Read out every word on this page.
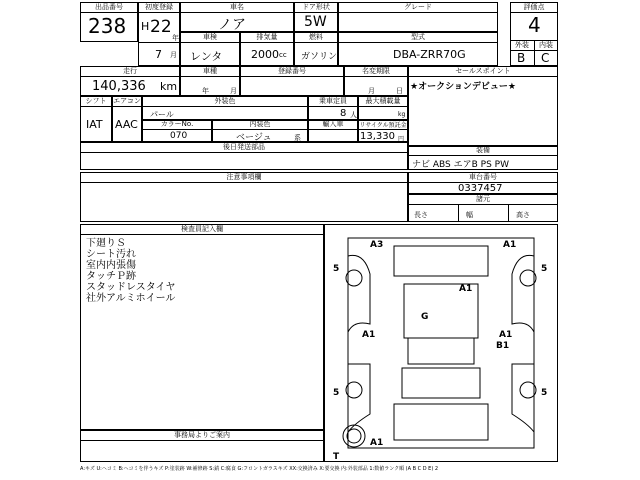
出品番号
238
初度登録
H 22
年
7 月
車名
ノア
ドア形状
5W
グレード	評価点
4
外装	内装
B C
車検
レンタ
排気量
2000 cc
燃料
ガソリン
型式
DBA-ZRR70G
走行
140,336 km
車種
年	月
登録番号	名変期限
月	日
セールスポイント
★オークションデビュー★
シフト
IAT
エアコン
AAC
外装色
パール
乗車定員
8 人
最大積載量
kg
カラーNo.
070
内装色
ベージュ	系
輸入車	リサイクル預託金
13,330 円
後日発送部品	装備
ナビ ABS エアB PS PW
注意事項欄	車台番号
0337457
諸元
長さ	幅	高さ
検査員記入欄
下廻りＳ
シート汚れ
室内内張傷
タッチＰ跡
スタッドレスタイヤ
社外アルミホイール
事務局よりご案内
A3	A1
A1
G
A1	A1
B1
A1
5	5
5	5
T
A:キズ U:ヘコミ B:ヘコミを伴うキズ P:塗装跡 W:補修跡 S:錆 C:腐食 G:フロントガラスキズ XX:交換済み X:要交換 内:外装部品 1:数値ランク順 (A B C D E) 2
